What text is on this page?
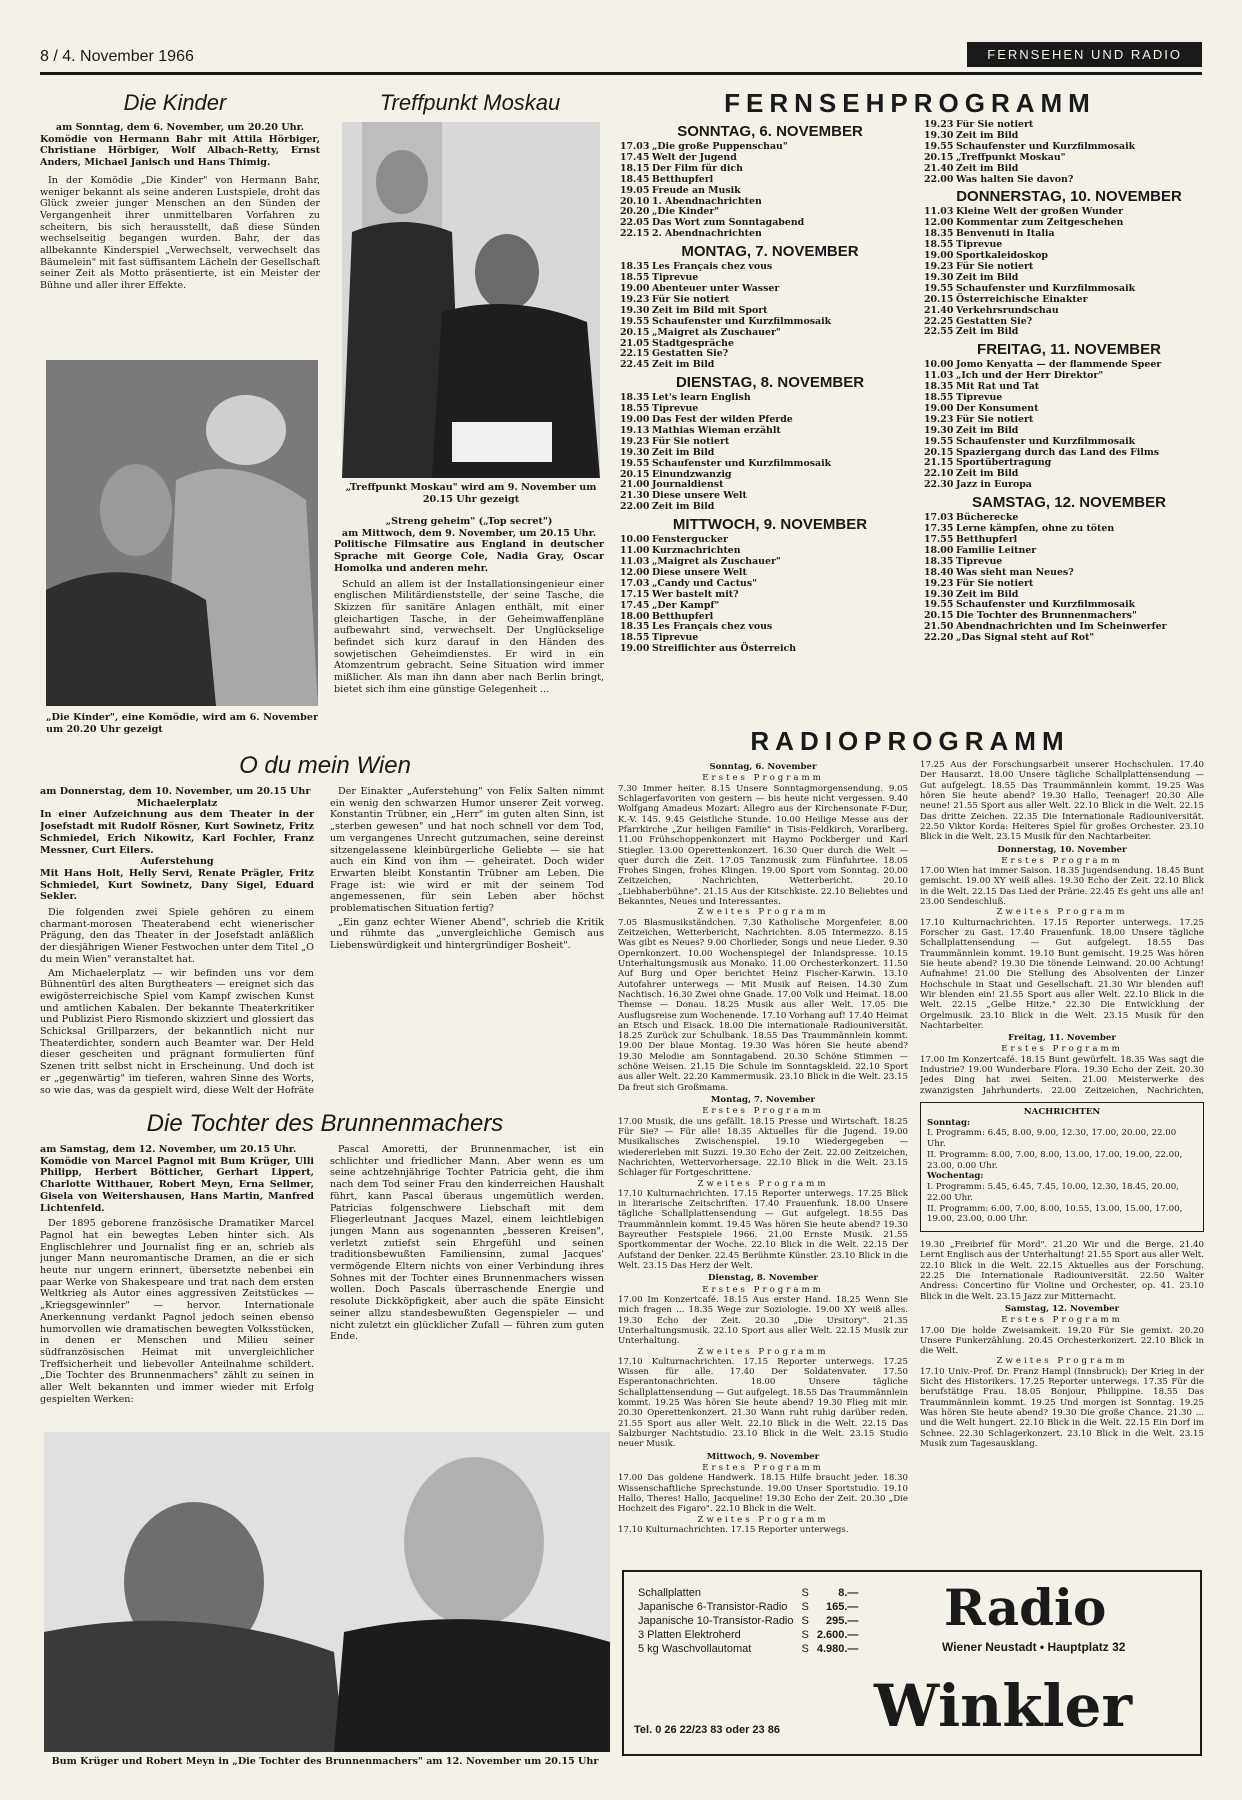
8 / 4. November 1966	FERNSEHEN UND RADIO
Die Kinder
am Sonntag, dem 6. November, um 20.20 Uhr.
Komödie von Hermann Bahr mit Attila Hörbiger, Christiane Hörbiger, Wolf Albach-Retty, Ernst Anders, Michael Janisch und Hans Thimig.

In der Komödie „Die Kinder" von Hermann Bahr, weniger bekannt als seine anderen Lustspiele, droht das Glück zweier junger Menschen an den Sünden der Vergangenheit ihrer unmittelbaren Vorfahren zu scheitern, bis sich herausstellt, daß diese Sünden wechselseitig begangen wurden. Bahr, der das allbekannte Kinderspiel „Verwechselt, verwechselt das Bäumelein" mit fast süffisantem Lächeln der Gesellschaft seiner Zeit als Motto präsentierte, ist ein Meister der Bühne und aller ihrer Effekte.

„Die Kinder", eine Komödie, wird am 6. November um 20.20 Uhr gezeigt
Treffpunkt Moskau
„Treffpunkt Moskau" wird am 9. November um 20.15 Uhr gezeigt
„Streng geheim" („Top secret")
am Mittwoch, dem 9. November, um 20.15 Uhr.
Politische Filmsatire aus England in deutscher Sprache mit George Cole, Nadia Gray, Oscar Homolka und anderen mehr.

Schuld an allem ist der Installationsingenieur einer englischen Militärdienststelle, der seine Tasche, die Skizzen für sanitäre Anlagen enthält, mit einer gleichartigen Tasche, in der Geheimwaffenpläne aufbewahrt sind, verwechselt. Der Unglückselige befindet sich kurz darauf in den Händen des sowjetischen Geheimdienstes. Er wird in ein Atomzentrum gebracht. Seine Situation wird immer mißlicher. Als man ihn dann aber nach Berlin bringt, bietet sich ihm eine günstige Gelegenheit ...

FERNSEHPROGRAMM
SONNTAG, 6. NOVEMBER
17.03 „Die große Puppenschau"
17.45 Welt der Jugend
18.15 Der Film für dich
18.45 Betthupferl
19.05 Freude an Musik
20.10 1. Abendnachrichten
20.20 „Die Kinder"
22.05 Das Wort zum Sonntagabend
22.15 2. Abendnachrichten
MONTAG, 7. NOVEMBER
18.35 Les Français chez vous
18.55 Tiprevue
19.00 Abenteuer unter Wasser
19.23 Für Sie notiert
19.30 Zeit im Bild mit Sport
19.55 Schaufenster und Kurzfilmmosaik
20.15 „Maigret als Zuschauer"
21.05 Stadtgespräche
22.15 Gestatten Sie?
22.45 Zeit im Bild
DIENSTAG, 8. NOVEMBER
18.35 Let's learn English
18.55 Tiprevue
19.00 Das Fest der wilden Pferde
19.13 Mathias Wieman erzählt
19.23 Für Sie notiert
19.30 Zeit im Bild
19.55 Schaufenster und Kurzfilmmosaik
20.15 Einundzwanzig
21.00 Journaldienst
21.30 Diese unsere Welt
22.00 Zeit im Bild
MITTWOCH, 9. NOVEMBER
10.00 Fenstergucker
11.00 Kurznachrichten
11.03 „Maigret als Zuschauer"
12.00 Diese unsere Welt
17.03 „Candy und Cactus"
17.15 Wer bastelt mit?
17.45 „Der Kampf"
18.00 Betthupferl
18.35 Les Français chez vous
18.55 Tiprevue
19.00 Streiflichter aus Österreich
19.23 Für Sie notiert
19.30 Zeit im Bild
19.55 Schaufenster und Kurzfilmmosaik
20.15 „Treffpunkt Moskau"
21.40 Zeit im Bild
22.00 Was halten Sie davon?
DONNERSTAG, 10. NOVEMBER
11.03 Kleine Welt der großen Wunder
12.00 Kommentar zum Zeitgeschehen
18.35 Benvenuti in Italia
18.55 Tiprevue
19.00 Sportkaleidoskop
19.23 Für Sie notiert
19.30 Zeit im Bild
19.55 Schaufenster und Kurzfilmmosaik
20.15 Österreichische Einakter
21.40 Verkehrsrundschau
22.25 Gestatten Sie?
22.55 Zeit im Bild
FREITAG, 11. NOVEMBER
10.00 Jomo Kenyatta — der flammende Speer
11.03 „Ich und der Herr Direktor"
18.35 Mit Rat und Tat
18.55 Tiprevue
19.00 Der Konsument
19.23 Für Sie notiert
19.30 Zeit im Bild
19.55 Schaufenster und Kurzfilmmosaik
20.15 Spaziergang durch das Land des Films
21.15 Sportübertragung
22.10 Zeit im Bild
22.30 Jazz in Europa
SAMSTAG, 12. NOVEMBER
17.03 Bücherecke
17.35 Lerne kämpfen, ohne zu töten
17.55 Betthupferl
18.00 Familie Leitner
18.35 Tiprevue
18.40 Was sieht man Neues?
19.23 Für Sie notiert
19.30 Zeit im Bild
19.55 Schaufenster und Kurzfilmmosaik
20.15 Die Tochter des Brunnenmachers"
21.50 Abendnachrichten und Im Scheinwerfer
22.20 „Das Signal steht auf Rot"
O du mein Wien
am Donnerstag, dem 10. November, um 20.15 Uhr
Michaelerplatz
In einer Aufzeichnung aus dem Theater in der Josefstadt mit Rudolf Rösner, Kurt Sowinetz, Fritz Schmiedel, Erich Nikowitz, Karl Fochler, Franz Messner, Curt Eilers.
Auferstehung
Mit Hans Holt, Helly Servi, Renate Prägler, Fritz Schmiedel, Kurt Sowinetz, Dany Sigel, Eduard Sekler.

Die folgenden zwei Spiele gehören zu einem charmant-morosen Theaterabend echt wienerischer Prägung, den das Theater in der Josefstadt anläßlich der diesjährigen Wiener Festwochen unter dem Titel „O du mein Wien" veranstaltet hat.

Am Michaelerplatz — wir befinden uns vor dem Bühnentürl des alten Burgtheaters — ereignet sich das ewigösterreichische Spiel vom Kampf zwischen Kunst und amtlichen Kabalen. Der bekannte Theaterkritiker und Publizist Piero Rismondo skizziert und glossiert das Schicksal Grillparzers, der bekanntlich nicht nur Theaterdichter, sondern auch Beamter war. Der Held dieser gescheiten und prägnant formulierten fünf Szenen tritt selbst nicht in Erscheinung. Und doch ist er „gegenwärtig" im tieferen, wahren Sinne des Worts, so wie das, was da gespielt wird, diese Welt der Hofräte

Der Einakter „Auferstehung" von Felix Salten nimmt ein wenig den schwarzen Humor unserer Zeit vorweg. Konstantin Trübner, ein „Herr" im guten alten Sinn, ist „sterben gewesen" und hat noch schnell vor dem Tod, um vergangenes Unrecht gutzumachen, seine dereinst sitzengelassene kleinbürgerliche Geliebte — sie hat auch ein Kind von ihm — geheiratet. Doch wider Erwarten bleibt Konstantin Trübner am Leben. Die Frage ist: wie wird er mit der seinem Tod angemessenen, für sein Leben aber höchst problematischen Situation fertig?

„Ein ganz echter Wiener Abend", schrieb die Kritik und rühmte das „unvergleichliche Gemisch aus Liebenswürdigkeit und hintergründiger Bosheit".

Die Tochter des Brunnenmachers
am Samstag, dem 12. November, um 20.15 Uhr.
Komödie von Marcel Pagnol mit Bum Krüger, Ulli Philipp, Herbert Bötticher, Gerhart Lippert, Charlotte Witthauer, Robert Meyn, Erna Sellmer, Gisela von Weitershausen, Hans Martin, Manfred Lichtenfeld.

Der 1895 geborene französische Dramatiker Marcel Pagnol hat ein bewegtes Leben hinter sich. Als Englischlehrer und Journalist fing er an, schrieb als junger Mann neuromantische Dramen, an die er sich heute nur ungern erinnert, übersetzte nebenbei ein paar Werke von Shakespeare und trat nach dem ersten Weltkrieg als Autor eines aggressiven Zeitstückes — „Kriegsgewinnler" — hervor. Internationale Anerkennung verdankt Pagnol jedoch seinen ebenso humorvollen wie dramatischen bewegten Volksstücken, in denen er Menschen und Milieu seiner südfranzösischen Heimat mit unvergleichlicher Treffsicherheit und liebevoller Anteilnahme schildert. „Die Tochter des Brunnenmachers" zählt zu seinen in aller Welt bekannten und immer wieder mit Erfolg gespielten Werken:

Pascal Amoretti, der Brunnenmacher, ist ein schlichter und friedlicher Mann. Aber wenn es um seine achtzehnjährige Tochter Patricia geht, die ihm nach dem Tod seiner Frau den kinderreichen Haushalt führt, kann Pascal überaus ungemütlich werden. Patricias folgenschwere Liebschaft mit dem Fliegerleutnant Jacques Mazel, einem leichtlebigen jungen Mann aus sogenannten „besseren Kreisen", verletzt zutiefst sein Ehrgefühl und seinen traditionsbewußten Familiensinn, zumal Jacques' vermögende Eltern nichts von einer Verbindung ihres Sohnes mit der Tochter eines Brunnenmachers wissen wollen. Doch Pascals überraschende Energie und resolute Dickköpfigkeit, aber auch die späte Einsicht seiner allzu standesbewußten Gegenspieler — und nicht zuletzt ein glücklicher Zufall — führen zum guten Ende.

Bum Krüger und Robert Meyn in „Die Tochter des Brunnenmachers" am 12. November um 20.15 Uhr
RADIOPROGRAMM
Sonntag, 6. November
Erstes Programm
7.30 Immer heiter. 8.15 Unsere Sonntagmorgensendung. 9.05 Schlagerfavoriten von gestern — bis heute nicht vergessen. 9.40 Wolfgang Amadeus Mozart: Allegro aus der Kirchensonate F-Dur, K.-V. 145. 9.45 Geistliche Stunde. 10.00 Heilige Messe aus der Pfarrkirche „Zur heiligen Familie" in Tisis-Feldkirch, Vorarlberg. 11.00 Frühschoppenkonzert mit Haymo Pockberger und Karl Stiegler. 13.00 Operettenkonzert. 16.30 Quer durch die Welt — quer durch die Zeit. 17.05 Tanzmusik zum Fünfuhrtee. 18.05 Frohes Singen, frohes Klingen. 19.00 Sport vom Sonntag. 20.00 Zeitzeichen, Nachrichten, Wetterbericht. 20.10 „Liebhaberbühne". 21.15 Aus der Kitschkiste. 22.10 Beliebtes und Bekanntes, Neues und Interessantes.
Zweites Programm
7.05 Blasmusikständchen. 7.30 Katholische Morgenfeier. 8.00 Zeitzeichen, Wetterbericht, Nachrichten. 8.05 Intermezzo. 8.15 Was gibt es Neues? 9.00 Chorlieder, Songs und neue Lieder. 9.30 Opernkonzert. 10.00 Wochenspiegel der Inlandspresse. 10.15 Unterhaltungsmusik aus Monako. 11.00 Orchesterkonzert. 11.50 Auf Burg und Oper berichtet Heinz Fischer-Karwin. 13.10 Autofahrer unterwegs — Mit Musik auf Reisen. 14.30 Zum Nachtisch. 16.30 Zwei ohne Gnade. 17.00 Volk und Heimat. 18.00 Themse — Donau. 18.25 Musik aus aller Welt. 17.05 Die Ausflugsreise zum Wochenende. 17.10 Vorhang auf! 17.40 Heimat an Etsch und Eisack. 18.00 Die internationale Radiouniversität. 18.25 Zurück zur Schulbank. 18.55 Das Traummännlein kommt. 19.00 Der blaue Montag. 19.30 Was hören Sie heute abend? 19.30 Melodie am Sonntagabend. 20.30 Schöne Stimmen — schöne Weisen. 21.15 Die Schule im Sonntagskleid. 22.10 Sport aus aller Welt. 22.20 Kammermusik. 23.10 Blick in die Welt. 23.15 Da freut sich Großmama.
Montag, 7. November
Erstes Programm
17.00 Musik, die uns gefällt. 18.15 Presse und Wirtschaft. 18.25 Für Sie? — Für alle! 18.35 Aktuelles für die Jugend. 19.00 Musikalisches Zwischenspiel. 19.10 Wiedergegeben — wiedererleben mit Suzzi. 19.30 Echo der Zeit. 22.00 Zeitzeichen, Nachrichten, Wettervorhersage. 22.10 Blick in die Welt. 23.15 Schlager für Fortgeschrittene.
Zweites Programm
17.10 Kulturnachrichten. 17.15 Reporter unterwegs. 17.25 Blick in literarische Zeitschriften. 17.40 Frauenfunk. 18.00 Unsere tägliche Schallplattensendung — Gut aufgelegt. 18.55 Das Traummännlein kommt. 19.45 Was hören Sie heute abend? 19.30 Bayreuther Festspiele 1966. 21.00 Ernste Musik. 21.55 Sportkommentar der Woche. 22.10 Blick in die Welt. 22.15 Der Aufstand der Denker. 22.45 Berühmte Künstler. 23.10 Blick in die Welt. 23.15 Das Herz der Welt.
Dienstag, 8. November
Erstes Programm
17.00 Im Konzertcafé. 18.15 Aus erster Hand. 18.25 Wenn Sie mich fragen ... 18.35 Wege zur Soziologie. 19.00 XY weiß alles. 19.30 Echo der Zeit. 20.30 „Die Ursitory". 21.35 Unterhaltungsmusik. 22.10 Sport aus aller Welt. 22.15 Musik zur Unterhaltung.
Zweites Programm
17.10 Kulturnachrichten. 17.15 Reporter unterwegs. 17.25 Wissen für alle. 17.40 Der Soldatenvater. 17.50 Esperantonachrichten. 18.00 Unsere tägliche Schallplattensendung — Gut aufgelegt. 18.55 Das Traummännlein kommt. 19.25 Was hören Sie heute abend? 19.30 Flieg mit mir. 20.30 Operettenkonzert. 21.30 Wann ruht ruhig darüber reden. 21.55 Sport aus aller Welt. 22.10 Blick in die Welt. 22.15 Das Salzburger Nachtstudio. 23.10 Blick in die Welt. 23.15 Studio neuer Musik.
Mittwoch, 9. November
Erstes Programm
17.00 Das goldene Handwerk. 18.15 Hilfe braucht jeder. 18.30 Wissenschaftliche Sprechstunde. 19.00 Unser Sportstudio. 19.10 Hallo, Theres! Hallo, Jacqueline! 19.30 Echo der Zeit. 20.30 „Die Hochzeit des Figaro". 22.10 Blick in die Welt.
Zweites Programm
17.10 Kulturnachrichten. 17.15 Reporter unterwegs.
17.25 Aus der Forschungsarbeit unserer Hochschulen. 17.40 Der Hausarzt. 18.00 Unsere tägliche Schallplattensendung — Gut aufgelegt. 18.55 Das Traummännlein kommt. 19.25 Was hören Sie heute abend? 19.30 Hallo, Teenager! 20.30 Alle neune! 21.55 Sport aus aller Welt. 22.10 Blick in die Welt. 22.15 Das dritte Zeichen. 22.35 Die Internationale Radiouniversität. 22.50 Viktor Korda: Heiteres Spiel für großes Orchester. 23.10 Blick in die Welt. 23.15 Musik für den Nachtarbeiter.
Donnerstag, 10. November
Erstes Programm
17.00 Wien hat immer Saison. 18.35 Jugendsendung. 18.45 Bunt gemischt. 19.00 XY weiß alles. 19.30 Echo der Zeit. 22.10 Blick in die Welt. 22.15 Das Lied der Prärie. 22.45 Es geht uns alle an! 23.00 Sendeschluß.
Zweites Programm
17.10 Kulturnachrichten. 17.15 Reporter unterwegs. 17.25 Forscher zu Gast. 17.40 Frauenfunk. 18.00 Unsere tägliche Schallplattensendung — Gut aufgelegt. 18.55 Das Traummännlein kommt. 19.10 Bunt gemischt. 19.25 Was hören Sie heute abend? 19.30 Die tönende Leinwand. 20.00 Achtung! Aufnahme! 21.00 Die Stellung des Absolventen der Linzer Hochschule in Staat und Gesellschaft. 21.30 Wir blenden auf! Wir blenden ein! 21.55 Sport aus aller Welt. 22.10 Blick in die Welt. 22.15 „Gelbe Hitze." 22.30 Die Entwicklung der Orgelmusik. 23.10 Blick in die Welt. 23.15 Musik für den Nachtarbeiter.
Freitag, 11. November
Erstes Programm
17.00 Im Konzertcafé. 18.15 Bunt gewürfelt. 18.35 Was sagt die Industrie? 19.00 Wunderbare Flora. 19.30 Echo der Zeit. 20.30 Jedes Ding hat zwei Seiten. 21.00 Meisterwerke des zwanzigsten Jahrhunderts. 22.00 Zeitzeichen, Nachrichten,
NACHRICHTEN
Sonntag:
I. Programm: 6.45, 8.00, 9.00, 12.30, 17.00, 20.00, 22.00 Uhr.
II. Programm: 8.00, 7.00, 8.00, 13.00, 17.00, 19.00, 22.00, 23.00, 0.00 Uhr.
Wochentag:
I. Programm: 5.45, 6.45, 7.45, 10.00, 12.30, 18.45, 20.00, 22.00 Uhr.
II. Programm: 6.00, 7.00, 8.00, 10.55, 13.00, 15.00, 17.00, 19.00, 23.00, 0.00 Uhr.
19.30 „Freibrief für Mord". 21.20 Wir und die Berge. 21.40 Lernt Englisch aus der Unterhaltung! 21.55 Sport aus aller Welt. 22.10 Blick in die Welt. 22.15 Aktuelles aus der Forschung. 22.25 Die Internationale Radiouniversität. 22.50 Walter Andress: Concertino für Violine und Orchester, op. 41. 23.10 Blick in die Welt. 23.15 Jazz zur Mitternacht.
Samstag, 12. November
Erstes Programm
17.00 Die holde Zweisamkeit. 19.20 Für Sie gemixt. 20.20 Unsere Funkerzählung. 20.45 Orchesterkonzert. 22.10 Blick in die Welt.
Zweites Programm
17.10 Univ.-Prof. Dr. Franz Hampl (Innsbruck): Der Krieg in der Sicht des Historikers. 17.25 Reporter unterwegs. 17.35 Für die berufstätige Frau. 18.05 Bonjour, Philippine. 18.55 Das Traummännlein kommt. 19.25 Und morgen ist Sonntag. 19.25 Was hören Sie heute abend? 19.30 Die große Chance. 21.30 ... und die Welt hungert. 22.10 Blick in die Welt. 22.15 Ein Dorf im Schnee. 22.30 Schlagerkonzert. 23.10 Blick in die Welt. 23.15 Musik zum Tagesausklang.
Schallplatten	S	8.—
Japanische 6-Transistor-Radio	S	165.—
Japanische 10-Transistor-Radio	S	295.—
3 Platten Elektroherd	S	2.600.—
5 kg Waschvollautomat	S	4.980.—
Radio
Wiener Neustadt • Hauptplatz 32
Tel. 0 26 22/23 83 oder 23 86 Winkler
